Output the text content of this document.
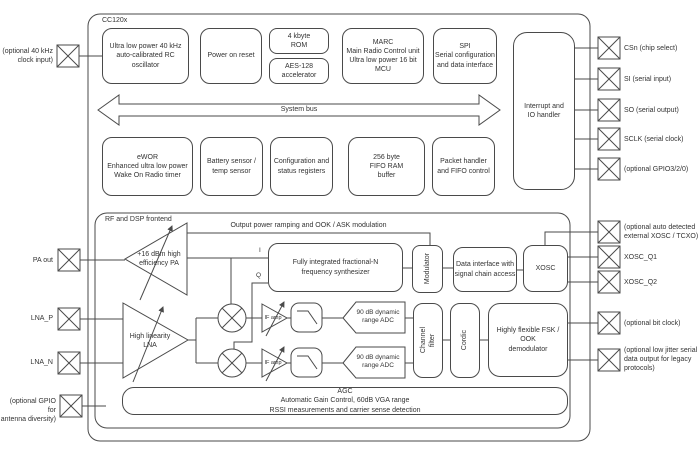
CC120x
RF and DSP frontend
System bus
Output power ramping and OOK / ASK modulation
I
Q
Ultra low power 40 kHz
auto-calibrated RC oscillator
Power on reset
4 kbyte
ROM
AES-128
accelerator
MARC
Main Radio Control unit
Ultra low power 16 bit
MCU
SPI
Serial configuration
and data interface
Interrupt and
IO handler
eWOR
Enhanced ultra low power
Wake On Radio timer
Battery sensor /
temp sensor
Configuration and
status registers
256 byte
FIFO RAM
buffer
Packet handler
and FIFO control
Fully integrated fractional-N
frequency synthesizer	Modulator	Data interface with
signal chain access
XOSC
Channel
filter	Cordic	Highly flexible FSK / OOK
demodulator
AGC
Automatic Gain Control, 60dB VGA range
RSSI measurements and carrier sense detection
+16 dBm high
efficiency PA
High linearity
LNA
IF amp
IF amp
90 dB dynamic
range ADC
90 dB dynamic
range ADC
(optional 40 kHz
clock input)
PA out
LNA_P
LNA_N
(optional GPIO for
antenna diversity)
CSn (chip select)
SI (serial input)
SO (serial output)
SCLK (serial clock)
(optional GPIO3/2/0)
(optional auto detected
external XOSC / TCXO)
XOSC_Q1
XOSC_Q2
(optional bit clock)
(optional low jitter serial
data output for legacy
protocols)
